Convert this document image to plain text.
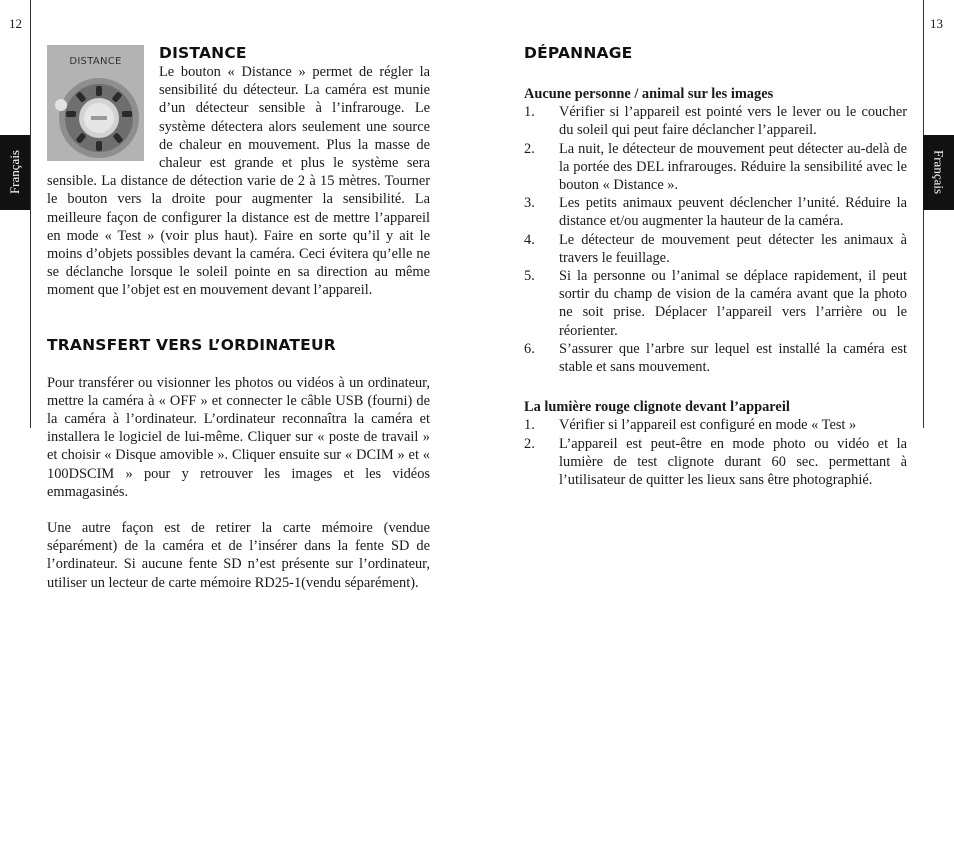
12
Français
13
Français
DISTANCE	DISTANCE

Le bouton « Distance » permet de régler la sensibilité du détecteur. La caméra est munie d’un détecteur sensible à l’infrarouge. Le système détectera alors seulement une source de chaleur en mouvement. Plus la masse de chaleur est grande et plus le système sera sensible. La distance de détection varie de 2 à 15 mètres. Tourner le bouton vers la droite pour augmenter la sensibilité. La meilleure façon de configurer la distance est de mettre l’appareil en mode « Test » (voir plus haut). Faire en sorte qu’il y ait le moins d’objets possibles devant la caméra. Ceci évitera qu’elle ne se déclanche lorsque le soleil pointe en sa direction au même moment que l’objet est en mouvement devant l’appareil.

TRANSFERT VERS L’ORDINATEUR

Pour transférer ou visionner les photos ou vidéos à un ordinateur, mettre la caméra à « OFF » et connecter le câble USB (fourni) de la caméra à l’ordinateur. L’ordinateur reconnaîtra la caméra et installera le logiciel de lui-même. Cliquer sur « poste de travail » et choisir « Disque amovible ». Cliquer ensuite sur « DCIM » et « 100DSCIM » pour y retrouver les images et les vidéos emmagasinés.

Une autre façon est de retirer la carte mémoire (vendue séparément) de la caméra et de l’insérer dans la fente SD de l’ordinateur. Si aucune fente SD n’est présente sur l’ordinateur, utiliser un lecteur de carte mémoire RD25-1(vendu séparément).

DÉPANNAGE
Aucune personne / animal sur les images
1. Vérifier si l’appareil est pointé vers le lever ou le coucher du soleil qui peut faire déclancher l’appareil.
2. La nuit, le détecteur de mouvement peut détecter au-delà de la portée des DEL infrarouges. Réduire la sensibilité avec le bouton « Distance ».
3. Les petits animaux peuvent déclencher l’unité. Réduire la distance et/ou augmenter la hauteur de la caméra.
4. Le détecteur de mouvement peut détecter les animaux à travers le feuillage.
5. Si la personne ou l’animal se déplace rapidement, il peut sortir du champ de vision de la caméra avant que la photo ne soit prise. Déplacer l’appareil vers l’arrière ou le réorienter.
6. S’assurer que l’arbre sur lequel est installé la caméra est stable et sans mouvement.
La lumière rouge clignote devant l’appareil
1. Vérifier si l’appareil est configuré en mode « Test »
2. L’appareil est peut-être en mode photo ou vidéo et la lumière de test clignote durant 60 sec. permettant à l’utilisateur de quitter les lieux sans être photographié.
